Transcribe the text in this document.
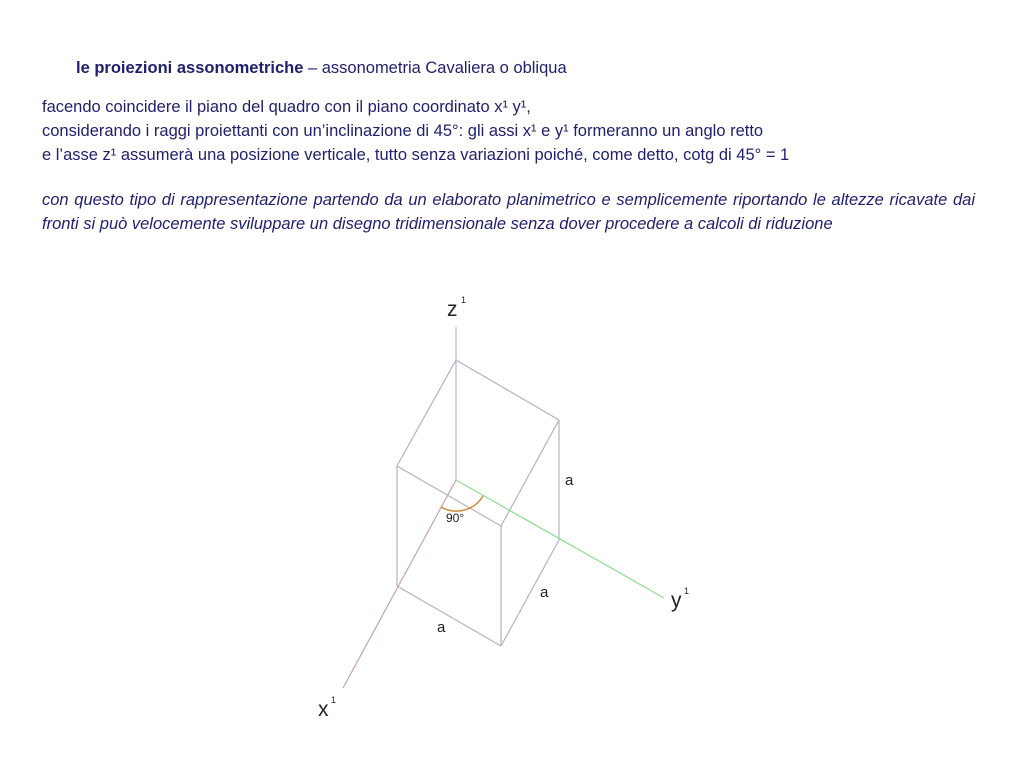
le proiezioni assonometriche – assonometria Cavaliera o obliqua
facendo coincidere il piano del quadro con il piano coordinato x¹ y¹,
considerando i raggi proiettanti con un’inclinazione di 45°: gli assi x¹ e y¹ formeranno un anglo retto
e l’asse z¹ assumerà una posizione verticale, tutto senza variazioni poiché, come detto, cotg di 45° = 1
con questo tipo di rappresentazione partendo da un elaborato planimetrico e semplicemente riportando le altezze ricavate dai fronti si può velocemente sviluppare un disegno tridimensionale senza dover procedere a calcoli di riduzione
90°
a
a
a
z 1
y 1
x 1
